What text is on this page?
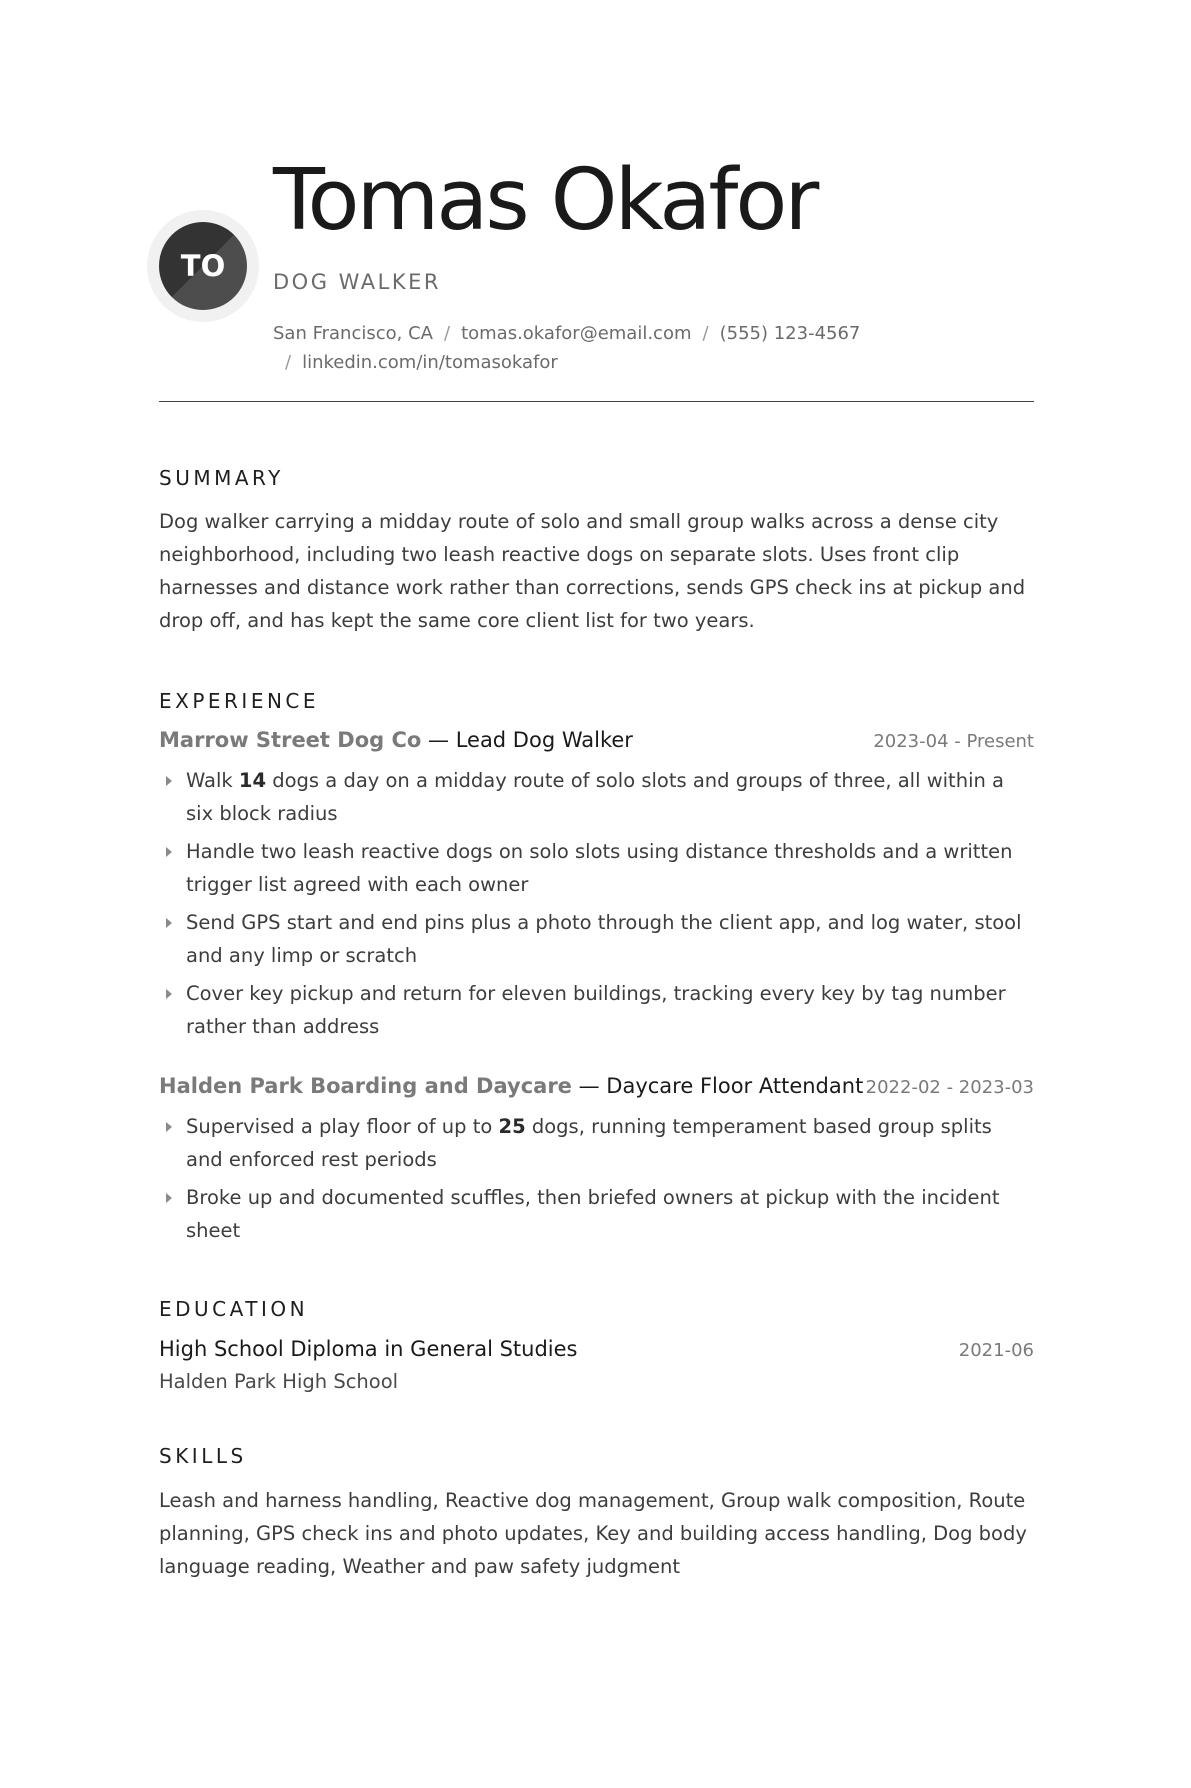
TO
Tomas Okafor
DOG WALKER
San Francisco, CA / tomas.okafor@email.com / (555) 123-4567
/ linkedin.com/in/tomasokafor
SUMMARY

Dog walker carrying a midday route of solo and small group walks across a dense city neighborhood, including two leash reactive dogs on separate slots. Uses front clip harnesses and distance work rather than corrections, sends GPS check ins at pickup and drop off, and has kept the same core client list for two years.

EXPERIENCE
Marrow Street Dog Co — Lead Dog Walker	2023-04 - Present
Walk 14 dogs a day on a midday route of solo slots and groups of three, all within a six block radius
Handle two leash reactive dogs on solo slots using distance thresholds and a written trigger list agreed with each owner
Send GPS start and end pins plus a photo through the client app, and log water, stool and any limp or scratch
Cover key pickup and return for eleven buildings, tracking every key by tag number rather than address
Halden Park Boarding and Daycare — Daycare Floor Attendant 2022-02 - 2023-03
Supervised a play floor of up to 25 dogs, running temperament based group splits and enforced rest periods
Broke up and documented scuffles, then briefed owners at pickup with the incident sheet
EDUCATION
High School Diploma in General Studies	2021-06
Halden Park High School
SKILLS

Leash and harness handling, Reactive dog management, Group walk composition, Route planning, GPS check ins and photo updates, Key and building access handling, Dog body language reading, Weather and paw safety judgment
